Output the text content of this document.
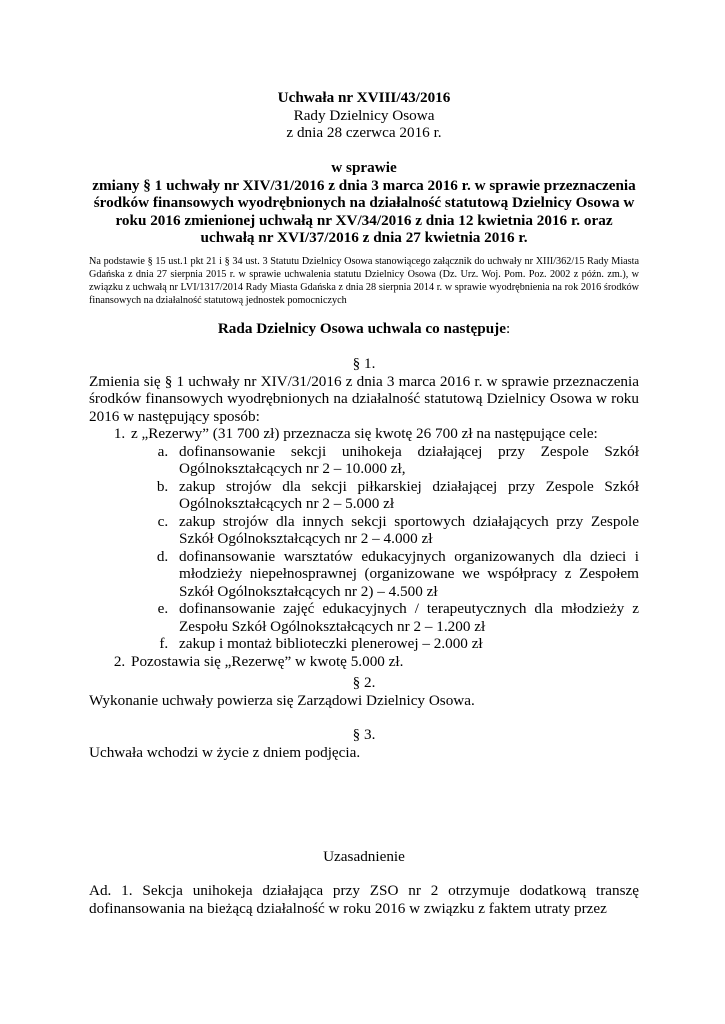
Uchwała nr XVIII/43/2016
Rady Dzielnicy Osowa
z dnia 28 czerwca 2016 r.
w sprawie
zmiany § 1 uchwały nr XIV/31/2016 z dnia 3 marca 2016 r. w sprawie przeznaczenia środków finansowych wyodrębnionych na działalność statutową Dzielnicy Osowa w roku 2016 zmienionej uchwałą nr XV/34/2016 z dnia 12 kwietnia 2016 r. oraz uchwałą nr XVI/37/2016 z dnia 27 kwietnia 2016 r.
Na podstawie § 15 ust.1 pkt 21 i § 34 ust. 3 Statutu Dzielnicy Osowa stanowiącego załącznik do uchwały nr XIII/362/15 Rady Miasta Gdańska z dnia 27 sierpnia 2015 r. w sprawie uchwalenia statutu Dzielnicy Osowa (Dz. Urz. Woj. Pom. Poz. 2002 z późn. zm.), w związku z uchwałą nr LVI/1317/2014 Rady Miasta Gdańska z dnia 28 sierpnia 2014 r. w sprawie wyodrębnienia na rok 2016 środków finansowych na działalność statutową jednostek pomocniczych
Rada Dzielnicy Osowa uchwala co następuje:
§ 1.
Zmienia się § 1 uchwały nr XIV/31/2016 z dnia 3 marca 2016 r. w sprawie przeznaczenia środków finansowych wyodrębnionych na działalność statutową Dzielnicy Osowa w roku 2016 w następujący sposób:
1. z „Rezerwy” (31 700 zł) przeznacza się kwotę 26 700 zł na następujące cele:
a. dofinansowanie sekcji unihokeja działającej przy Zespole Szkół Ogólnokształcących nr 2 – 10.000 zł,
b. zakup strojów dla sekcji piłkarskiej działającej przy Zespole Szkół Ogólnokształcących nr 2 – 5.000 zł
c. zakup strojów dla innych sekcji sportowych działających przy Zespole Szkół Ogólnokształcących nr 2 – 4.000 zł
d. dofinansowanie warsztatów edukacyjnych organizowanych dla dzieci i młodzieży niepełnosprawnej (organizowane we współpracy z Zespołem Szkół Ogólnokształcących nr 2) – 4.500 zł
e. dofinansowanie zajęć edukacyjnych / terapeutycznych dla młodzieży z Zespołu Szkół Ogólnokształcących nr 2 – 1.200 zł
f. zakup i montaż biblioteczki plenerowej – 2.000 zł
2. Pozostawia się „Rezerwę” w kwotę 5.000 zł.
§ 2.
Wykonanie uchwały powierza się Zarządowi Dzielnicy Osowa.
§ 3.
Uchwała wchodzi w życie z dniem podjęcia.
Uzasadnienie
Ad. 1. Sekcja unihokeja działająca przy ZSO nr 2 otrzymuje dodatkową transzę dofinansowania na bieżącą działalność w roku 2016 w związku z faktem utraty przez
